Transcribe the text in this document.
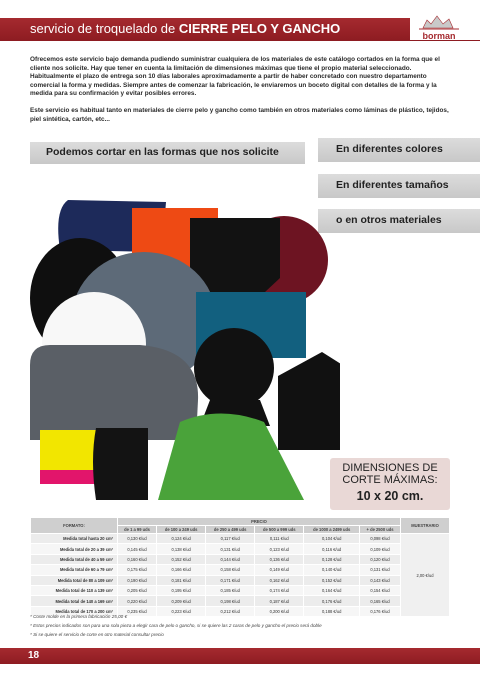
servicio de troquelado de CIERRE PELO Y GANCHO	borman
Ofrecemos este servicio bajo demanda pudiendo suministrar cualquiera de los materiales de este catálogo cortados en la forma que el cliente nos solicite. Hay que tener en cuenta la limitación de dimensiones máximas que tiene el propio material seleccionado. Habitualmente el plazo de entrega son 10 días laborales aproximadamente a partir de haber concretado con nuestro departamento comercial la forma y medidas. Siempre antes de comenzar la fabricación, le enviaremos un boceto digital con detalles de la forma y la medida para su confirmación y evitar posibles errores.
Este servicio es habitual tanto en materiales de cierre pelo y gancho como también en otros materiales como láminas de plástico, tejidos, piel sintética, cartón, etc...
Podemos cortar en las formas que nos solicite	En diferentes colores
En diferentes tamaños
o en otros materiales
DIMENSIONES DE CORTE MÁXIMAS:
10 x 20 cm.
FORMATO:	PRECIO						MUESTRARIO
	de 1 a 99 uds	de 100 a 249 uds	de 250 a 499 uds	de 500 a 999 uds	de 1000 a 2499 uds	+ de 2500 uds	
Medida total hasta 20 cm²	0,130 €/ud	0,124 €/ud	0,117 €/ud	0,111 €/ud	0,104 €/ud	0,098 €/ud	2,00 €/ud
Medida total de 20 a 39 cm²	0,145 €/ud	0,138 €/ud	0,131 €/ud	0,123 €/ud	0,116 €/ud	0,109 €/ud	
Medida total de 40 a 59 cm²	0,160 €/ud	0,152 €/ud	0,144 €/ud	0,136 €/ud	0,128 €/ud	0,120 €/ud	
Medida total de 60 a 79 cm²	0,175 €/ud	0,166 €/ud	0,158 €/ud	0,149 €/ud	0,140 €/ud	0,131 €/ud	
Medida total de 80 a 109 cm²	0,190 €/ud	0,181 €/ud	0,171 €/ud	0,162 €/ud	0,152 €/ud	0,143 €/ud	
Medida total de 110 a 139 cm²	0,205 €/ud	0,195 €/ud	0,185 €/ud	0,174 €/ud	0,164 €/ud	0,154 €/ud	
Medida total de 140 a 169 cm²	0,220 €/ud	0,209 €/ud	0,198 €/ud	0,187 €/ud	0,176 €/ud	0,165 €/ud	
Medida total de 170 a 200 cm²	0,235 €/ud	0,223 €/ud	0,212 €/ud	0,200 €/ud	0,188 €/ud	0,176 €/ud	
* Coste molde en la primera fabricación 25,00 €
* Estos precios indicados son para una sola pieza a elegir cara de pelo o gancho, si se quiere las 2 caras de pelo y gancho el precio será doble
* Si se quiere el servicio de corte en otro material consultar precio
18
